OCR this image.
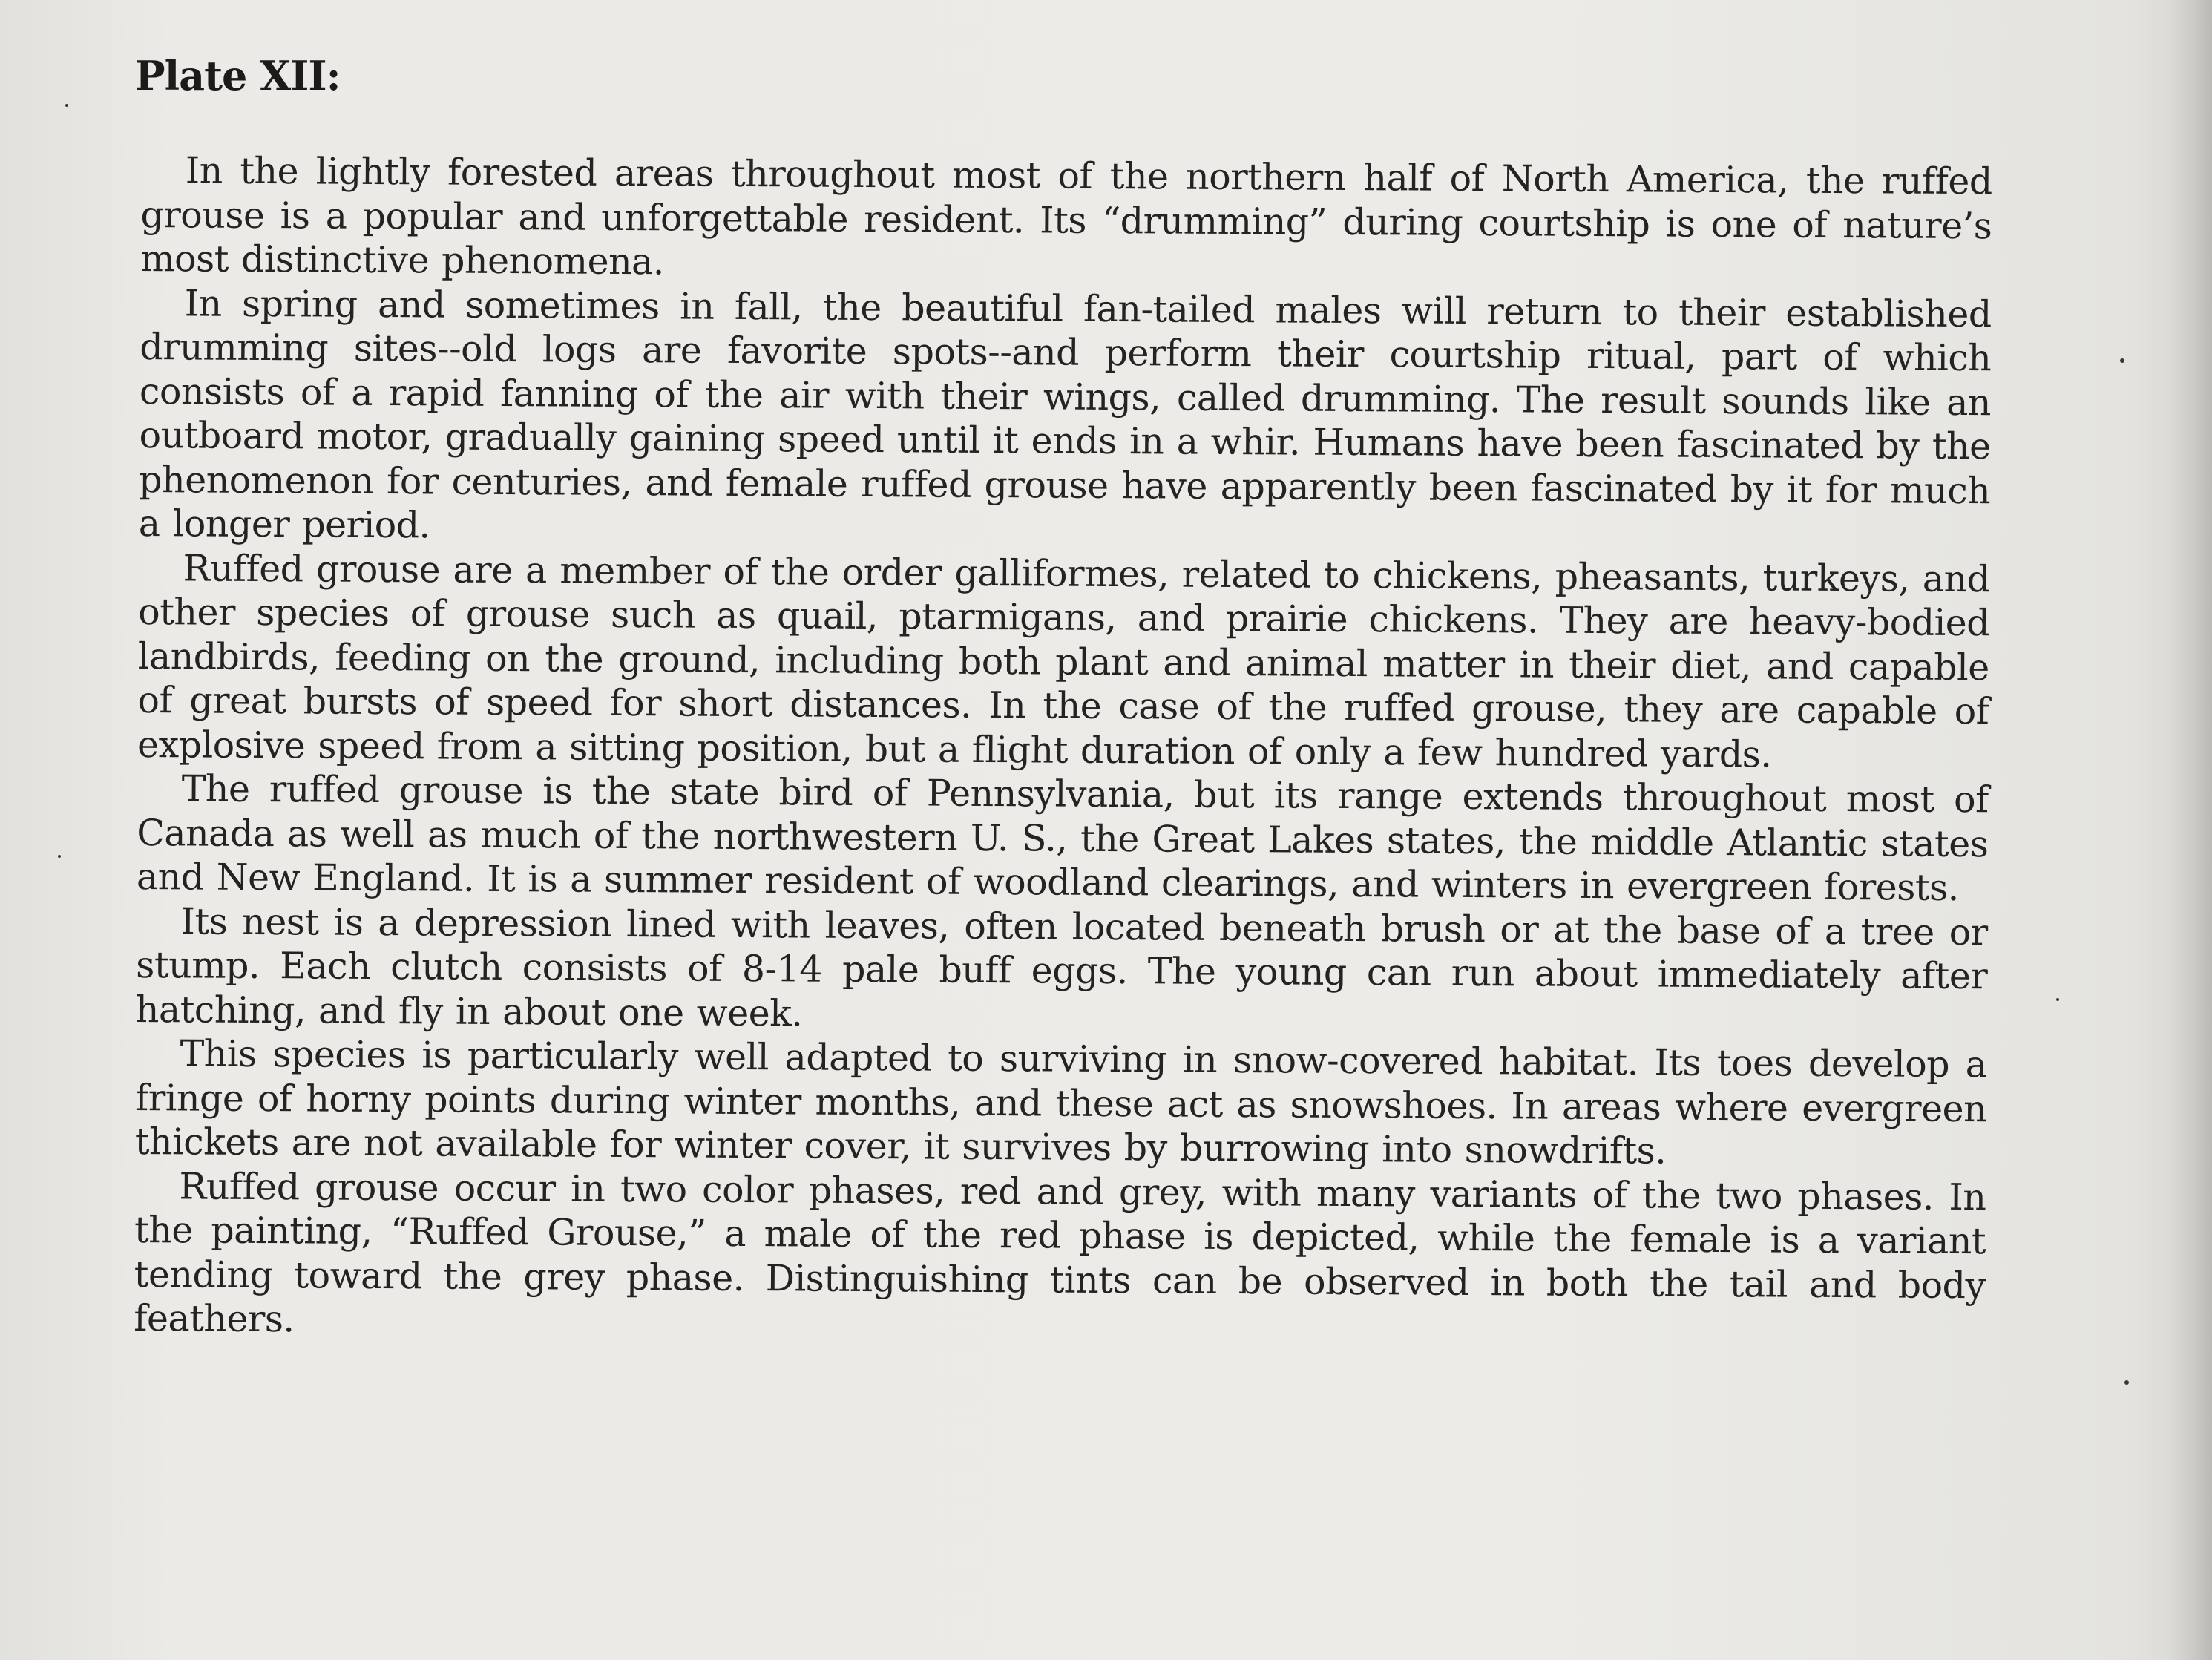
Plate XII:

In the lightly forested areas throughout most of the northern half of North America, the ruffed grouse is a popular and unforgettable resident. Its “drumming” during courtship is one of nature’s most distinctive phenomena.

In spring and sometimes in fall, the beautiful fan-tailed males will return to their established drumming sites--old logs are favorite spots--and perform their courtship ritual, part of which consists of a rapid fanning of the air with their wings, called drumming. The result sounds like an outboard motor, gradually gaining speed until it ends in a whir. Humans have been fascinated by the phenomenon for centuries, and female ruffed grouse have apparently been fascinated by it for much a longer period.

Ruffed grouse are a member of the order galliformes, related to chickens, pheasants, turkeys, and other species of grouse such as quail, ptarmigans, and prairie chickens. They are heavy-bodied landbirds, feeding on the ground, including both plant and animal matter in their diet, and capable of great bursts of speed for short distances. In the case of the ruffed grouse, they are capable of explosive speed from a sitting position, but a flight duration of only a few hundred yards.

The ruffed grouse is the state bird of Pennsylvania, but its range extends throughout most of Canada as well as much of the northwestern U. S., the Great Lakes states, the middle Atlantic states and New England. It is a summer resident of woodland clearings, and winters in evergreen forests.

Its nest is a depression lined with leaves, often located beneath brush or at the base of a tree or stump. Each clutch consists of 8-14 pale buff eggs. The young can run about immediately after hatching, and fly in about one week.

This species is particularly well adapted to surviving in snow-covered habitat. Its toes develop a fringe of horny points during winter months, and these act as snowshoes. In areas where evergreen thickets are not available for winter cover, it survives by burrowing into snowdrifts.

Ruffed grouse occur in two color phases, red and grey, with many variants of the two phases. In the painting, “Ruffed Grouse,” a male of the red phase is depicted, while the female is a variant tending toward the grey phase. Distinguishing tints can be observed in both the tail and body feathers.
